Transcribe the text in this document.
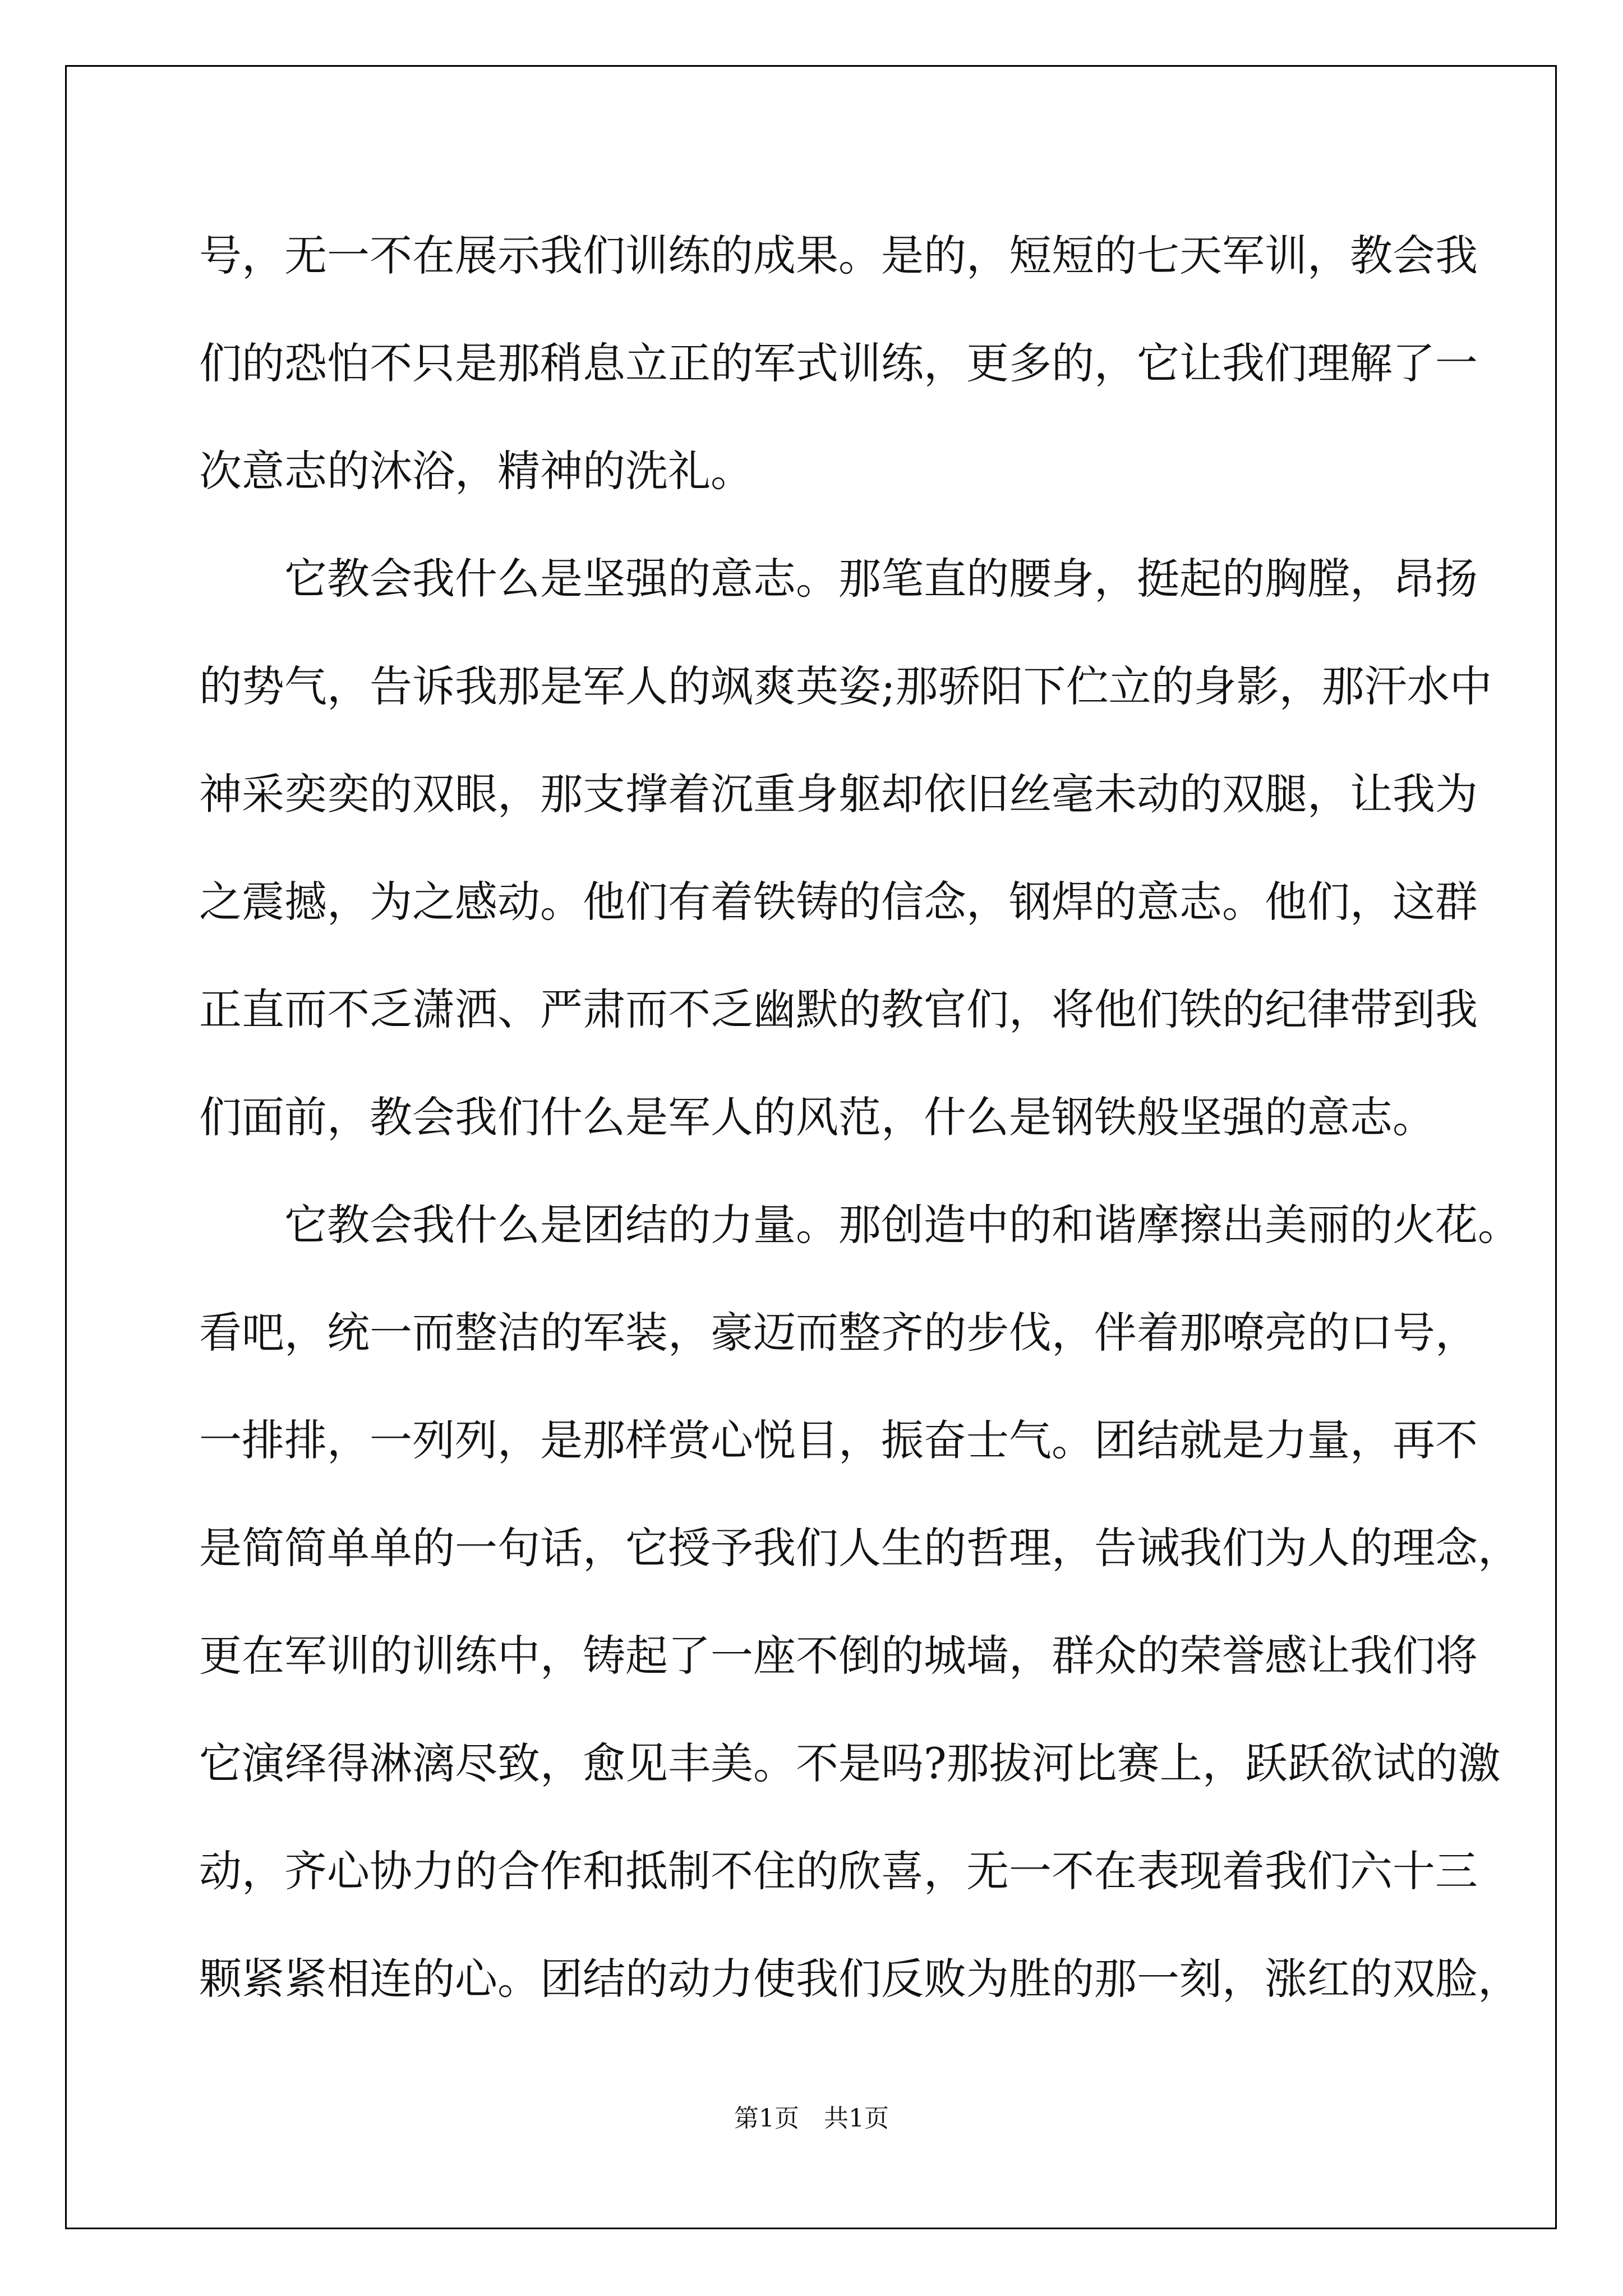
号，无一不在展示我们训练的成果。是的，短短的七天军训，教会我
们的恐怕不只是那稍息立正的军式训练，更多的，它让我们理解了一
次意志的沐浴，精神的洗礼。
　　它教会我什么是坚强的意志。那笔直的腰身，挺起的胸膛，昂扬
的势气，告诉我那是军人的飒爽英姿;那骄阳下伫立的身影，那汗水中
神采奕奕的双眼，那支撑着沉重身躯却依旧丝毫未动的双腿，让我为
之震撼，为之感动。他们有着铁铸的信念，钢焊的意志。他们，这群
正直而不乏潇洒、严肃而不乏幽默的教官们，将他们铁的纪律带到我
们面前，教会我们什么是军人的风范，什么是钢铁般坚强的意志。
　　它教会我什么是团结的力量。那创造中的和谐摩擦出美丽的火花。
看吧，统一而整洁的军装，豪迈而整齐的步伐，伴着那嘹亮的口号，
一排排，一列列，是那样赏心悦目，振奋士气。团结就是力量，再不
是简简单单的一句话，它授予我们人生的哲理，告诫我们为人的理念，
更在军训的训练中，铸起了一座不倒的城墙，群众的荣誉感让我们将
它演绎得淋漓尽致，愈见丰美。不是吗?那拔河比赛上，跃跃欲试的激
动，齐心协力的合作和抵制不住的欣喜，无一不在表现着我们六十三
颗紧紧相连的心。团结的动力使我们反败为胜的那一刻，涨红的双脸，
第1页　共1页
